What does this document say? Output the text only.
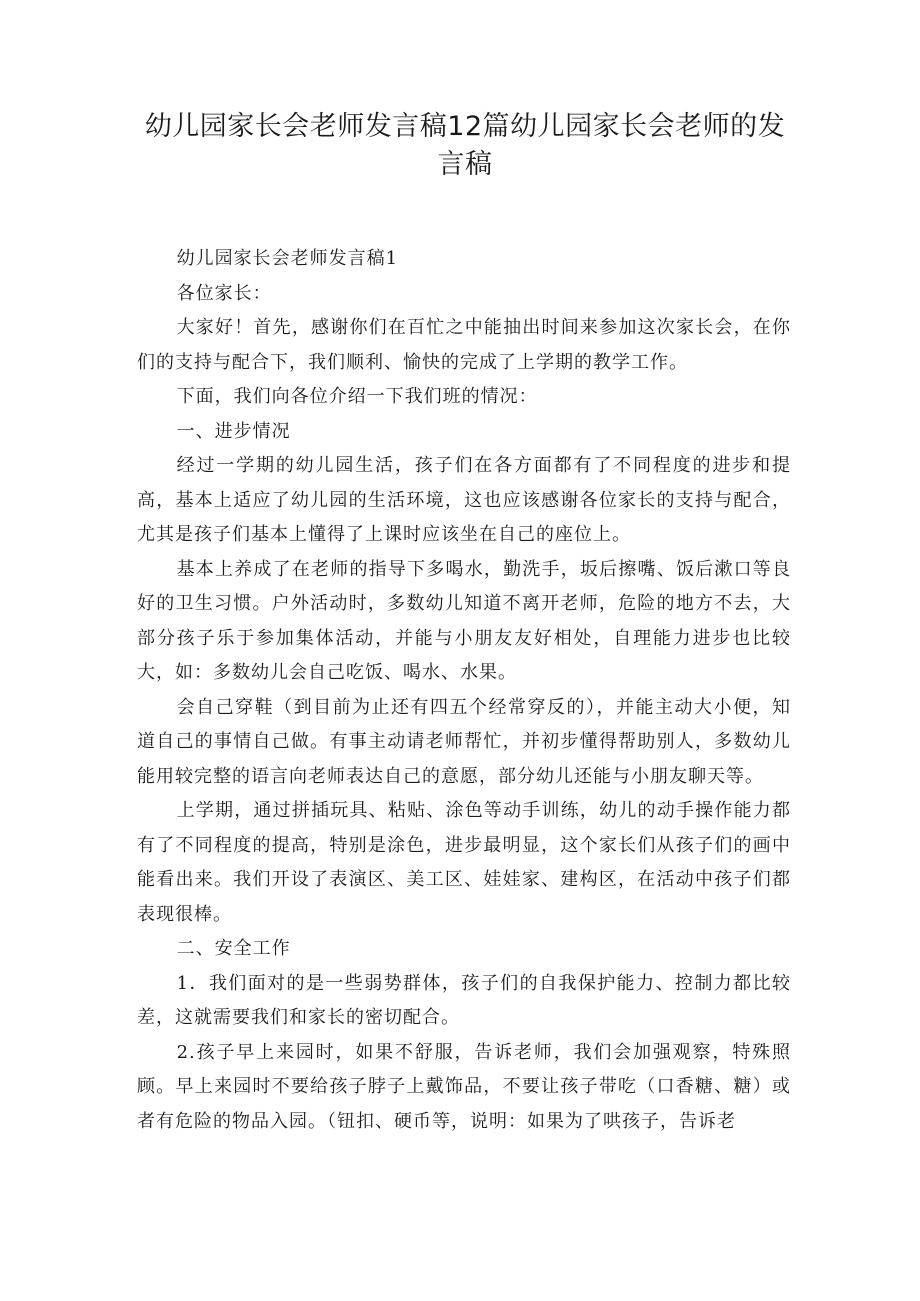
幼儿园家长会老师发言稿12篇幼儿园家长会老师的发言稿

幼儿园家长会老师发言稿1

各位家长：

大家好！首先，感谢你们在百忙之中能抽出时间来参加这次家长会，在你们的支持与配合下，我们顺利、愉快的完成了上学期的教学工作。

下面，我们向各位介绍一下我们班的情况：

一、进步情况

经过一学期的幼儿园生活，孩子们在各方面都有了不同程度的进步和提高，基本上适应了幼儿园的生活环境，这也应该感谢各位家长的支持与配合，尤其是孩子们基本上懂得了上课时应该坐在自己的座位上。

基本上养成了在老师的指导下多喝水，勤洗手，坂后擦嘴、饭后漱口等良好的卫生习惯。户外活动时，多数幼儿知道不离开老师，危险的地方不去，大部分孩子乐于参加集体活动，并能与小朋友友好相处，自理能力进步也比较大，如：多数幼儿会自己吃饭、喝水、水果。

会自己穿鞋（到目前为止还有四五个经常穿反的），并能主动大小便，知道自己的事情自己做。有事主动请老师帮忙，并初步懂得帮助别人，多数幼儿能用较完整的语言向老师表达自己的意愿，部分幼儿还能与小朋友聊天等。

上学期，通过拼插玩具、粘贴、涂色等动手训练，幼儿的动手操作能力都有了不同程度的提高，特别是涂色，进步最明显，这个家长们从孩子们的画中能看出来。我们开设了表演区、美工区、娃娃家、建构区，在活动中孩子们都表现很棒。

二、安全工作

1．我们面对的是一些弱势群体，孩子们的自我保护能力、控制力都比较差，这就需要我们和家长的密切配合。

2.孩子早上来园时，如果不舒服，告诉老师，我们会加强观察，特殊照顾。早上来园时不要给孩子脖子上戴饰品，不要让孩子带吃（口香糖、糖）或者有危险的物品入园。（钮扣、硬币等，说明：如果为了哄孩子，告诉老
